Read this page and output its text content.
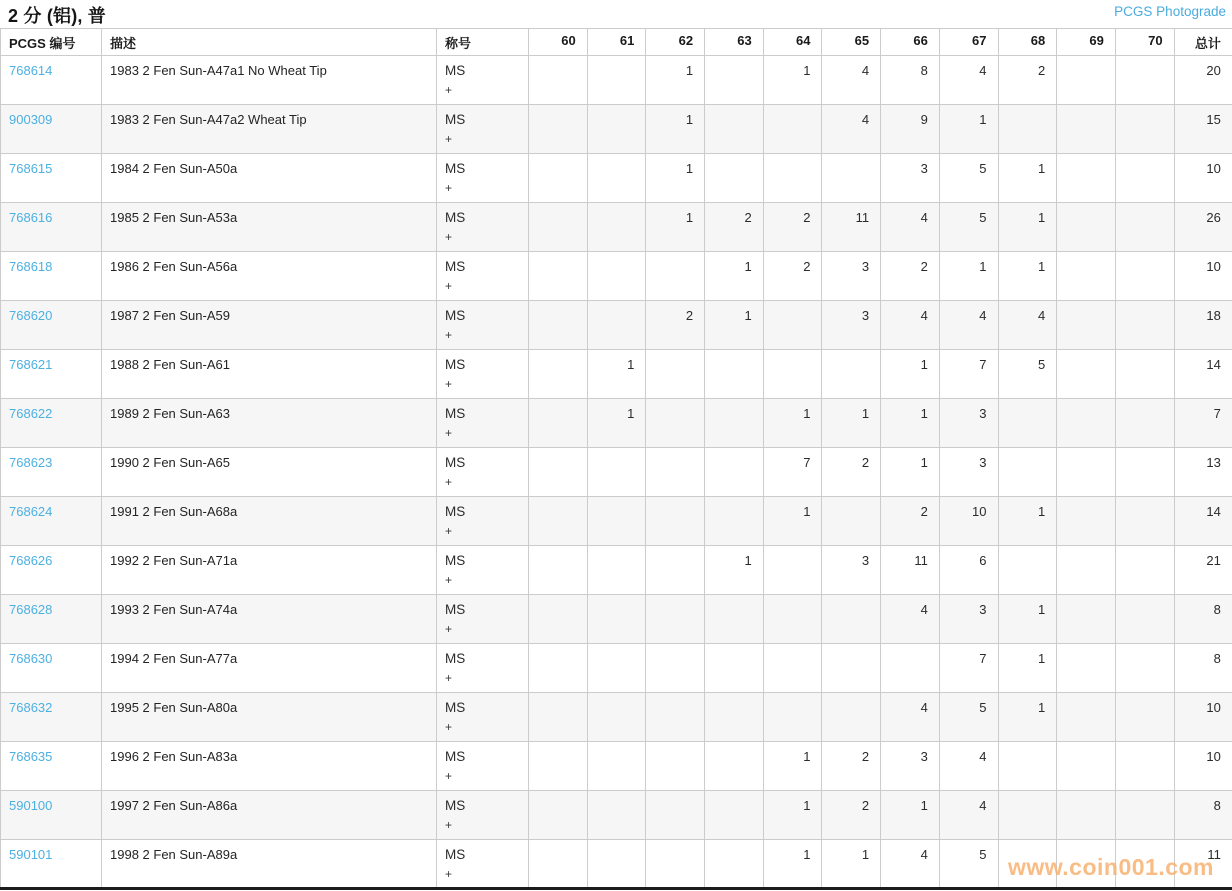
2 分 (铝), 普	PCGS Photograde
PCGS 编号	描述	称号	60	61	62	63	64	65	66	67	68	69	70	总计
768614	1983 2 Fen Sun-A47a1 No Wheat Tip	MS
+			1		1	4	8	4	2			20
900309	1983 2 Fen Sun-A47a2 Wheat Tip	MS
+			1			4	9	1				15
768615	1984 2 Fen Sun-A50a	MS
+			1				3	5	1			10
768616	1985 2 Fen Sun-A53a	MS
+			1	2	2	11	4	5	1			26
768618	1986 2 Fen Sun-A56a	MS
+				1	2	3	2	1	1			10
768620	1987 2 Fen Sun-A59	MS
+			2	1		3	4	4	4			18
768621	1988 2 Fen Sun-A61	MS
+		1					1	7	5			14
768622	1989 2 Fen Sun-A63	MS
+		1			1	1	1	3				7
768623	1990 2 Fen Sun-A65	MS
+					7	2	1	3				13
768624	1991 2 Fen Sun-A68a	MS
+					1		2	10	1			14
768626	1992 2 Fen Sun-A71a	MS
+				1		3	11	6				21
768628	1993 2 Fen Sun-A74a	MS
+							4	3	1			8
768630	1994 2 Fen Sun-A77a	MS
+								7	1			8
768632	1995 2 Fen Sun-A80a	MS
+							4	5	1			10
768635	1996 2 Fen Sun-A83a	MS
+					1	2	3	4				10
590100	1997 2 Fen Sun-A86a	MS
+					1	2	1	4				8
590101	1998 2 Fen Sun-A89a	MS
+					1	1	4	5				11
www.coin001.com
